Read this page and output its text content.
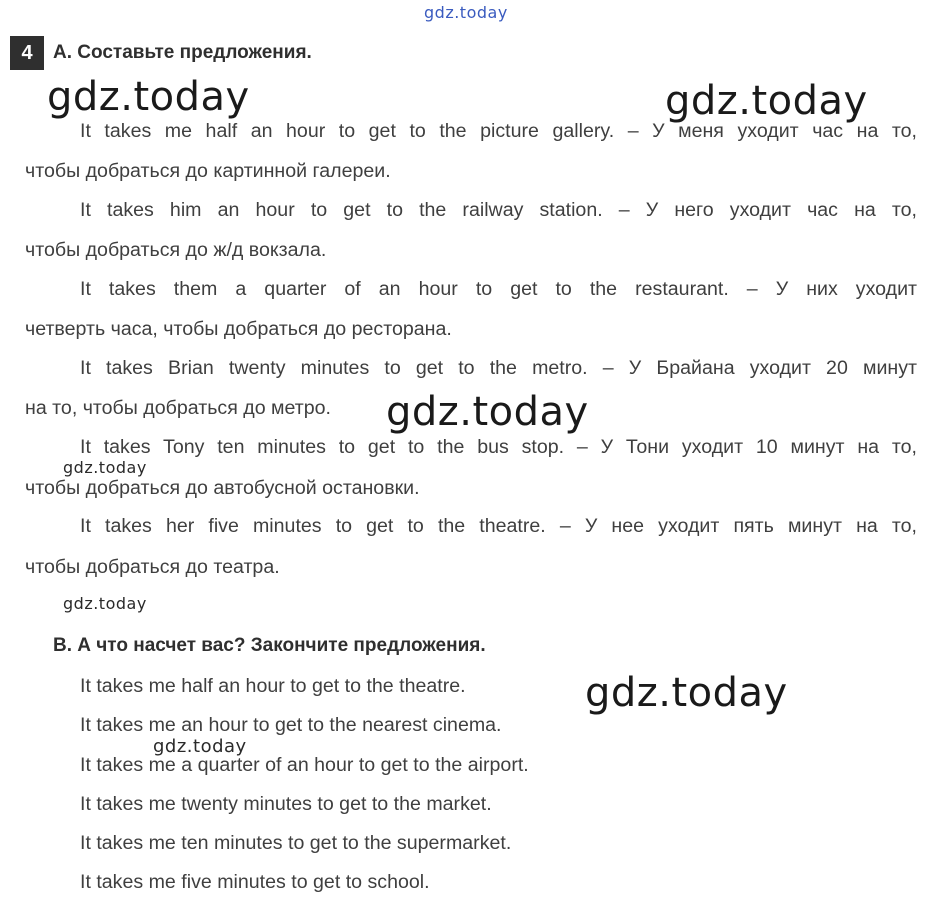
gdz.today
4	A. Составьте предложения.
It takes me half an hour to get to the picture gallery. – У меня уходит час на то,
чтобы добраться до картинной галереи.
It takes him an hour to get to the railway station. – У него уходит час на то,
чтобы добраться до ж/д вокзала.
It takes them a quarter of an hour to get to the restaurant. – У них уходит
четверть часа, чтобы добраться до ресторана.
It takes Brian twenty minutes to get to the metro. – У Брайана уходит 20 минут
на то, чтобы добраться до метро.
It takes Tony ten minutes to get to the bus stop. – У Тони уходит 10 минут на то,
чтобы добраться до автобусной остановки.
It takes her five minutes to get to the theatre. – У нее уходит пять минут на то,
чтобы добраться до театра.
B. А что насчет вас? Закончите предложения.
It takes me half an hour to get to the theatre.
It takes me an hour to get to the nearest cinema.
It takes me a quarter of an hour to get to the airport.
It takes me twenty minutes to get to the market.
It takes me ten minutes to get to the supermarket.
It takes me five minutes to get to school.
gdz.today	gdz.today
gdz.today
gdz.today
gdz.today
gdz.today
gdz.today
